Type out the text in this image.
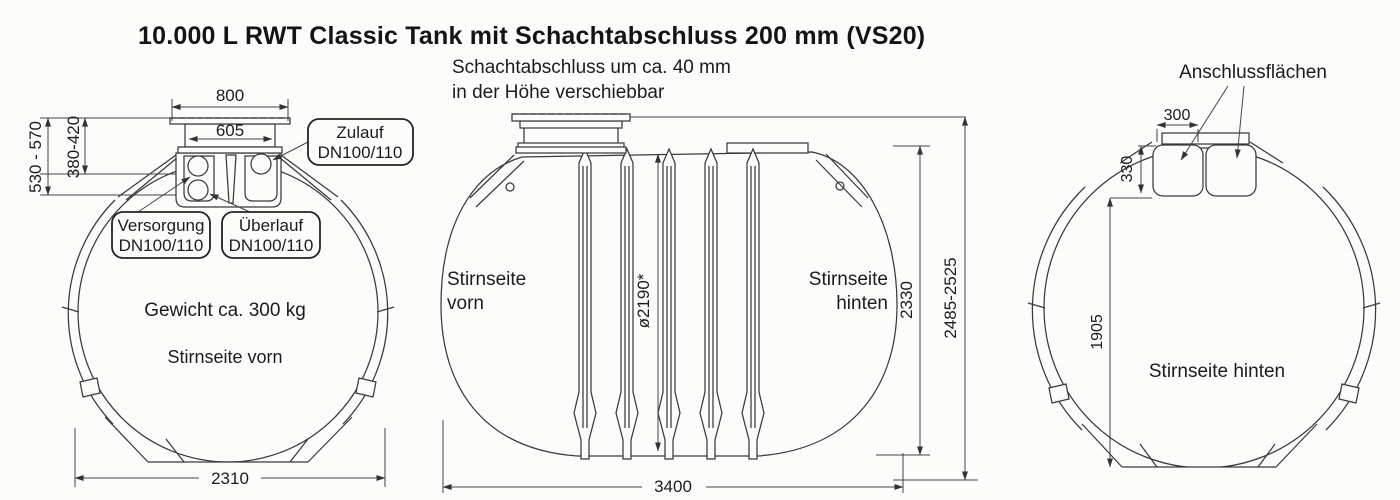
10.000 L RWT Classic Tank mit Schachtabschluss 200 mm (VS20)
800
605
530 - 570 380-420
2310
Zulauf
DN100/110
Versorgung
DN100/110
Überlauf
DN100/110
Gewicht ca. 300 kg
Stirnseite vorn
Schachtabschluss um ca. 40 mm
in der Höhe verschiebbar
ø2190*	2330 2485-2525
3400
Stirnseite
vorn
Stirnseite
hinten
Anschlussflächen
300
330
1905
Stirnseite hinten
